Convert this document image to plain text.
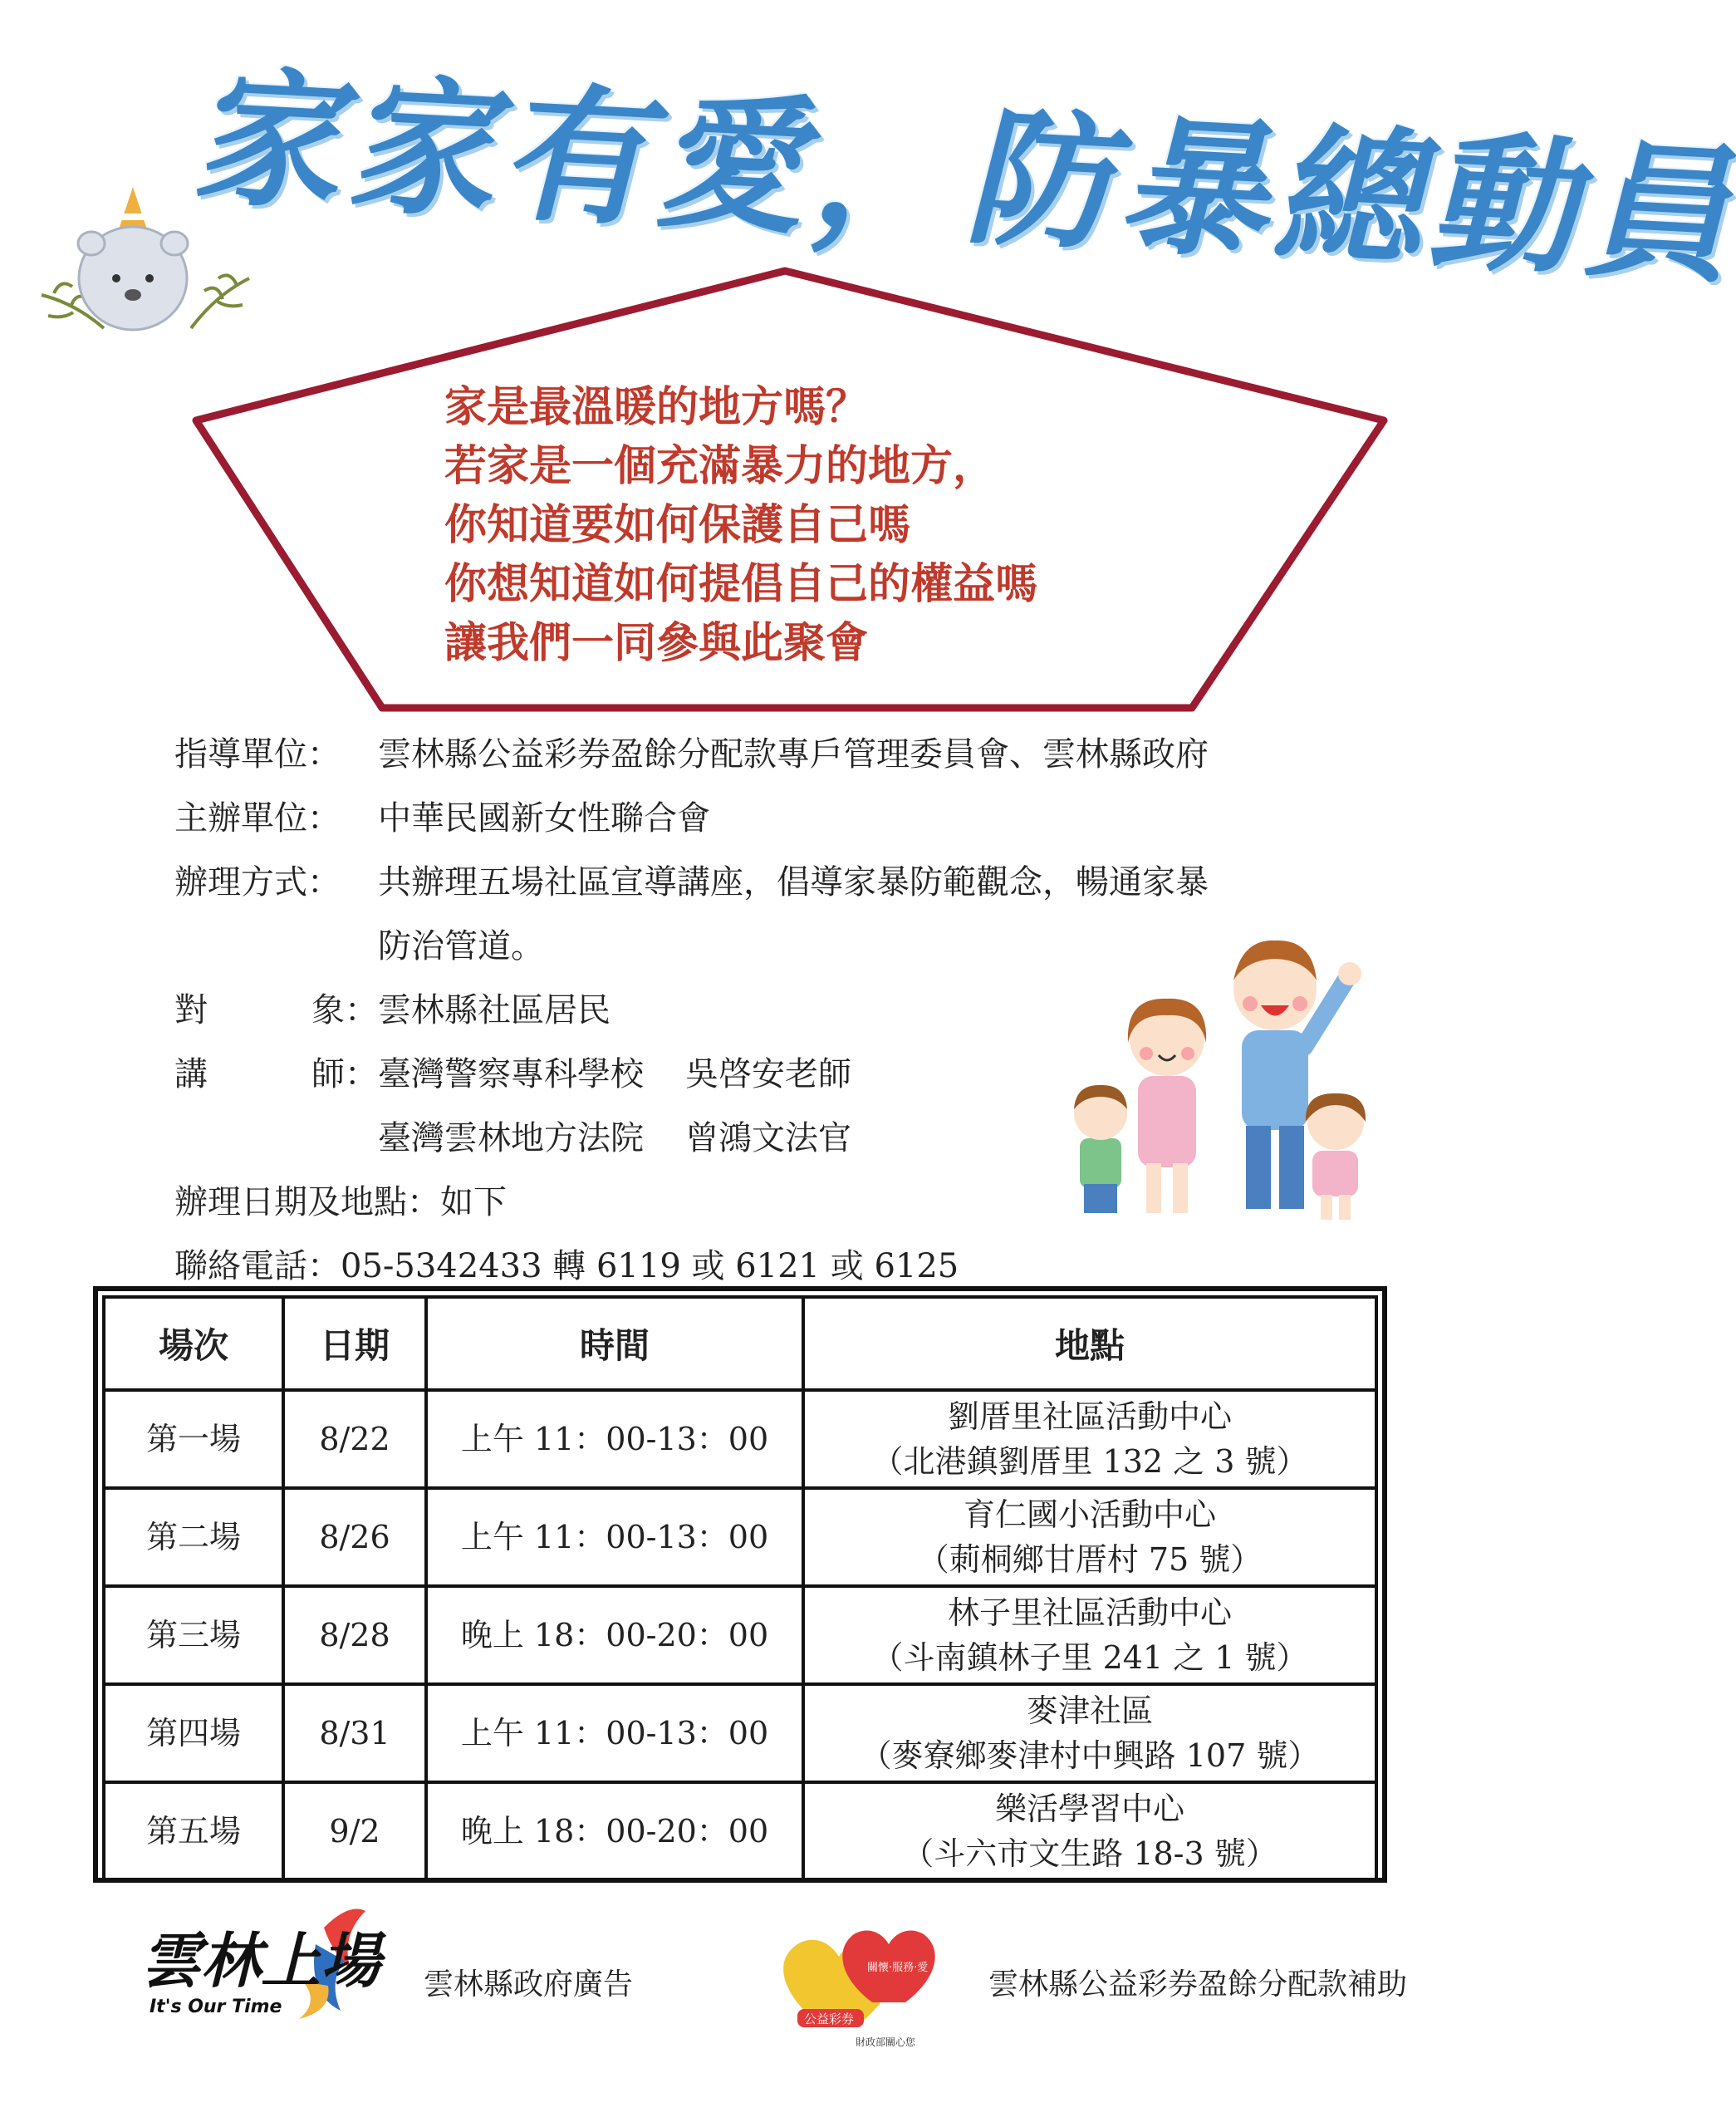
家家有愛，防暴總動員
家是最溫暖的地方嗎？
若家是一個充滿暴力的地方，
你知道要如何保護自己嗎
你想知道如何提倡自己的權益嗎
讓我們一同參與此聚會
指導單位：	雲林縣公益彩券盈餘分配款專戶管理委員會、雲林縣政府
主辦單位：	中華民國新女性聯合會
辦理方式：	共辦理五場社區宣導講座，倡導家暴防範觀念，暢通家暴
防治管道。
對	象 ： 雲林縣社區居民
講	師 ： 臺灣警察專科學校 吳啓安老師
臺灣雲林地方法院 曾鴻文法官
辦理日期及地點：如下
聯絡電話：05-5342433 轉 6119 或 6121 或 6125
場次	日期	時間	地點
第一場	8/22	上午 11：00-13：00	劉厝里社區活動中心
（北港鎮劉厝里 132 之 3 號）

第二場	8/26	上午 11：00-13：00	育仁國小活動中心
（莿桐鄉甘厝村 75 號）

第三場	8/28	晚上 18：00-20：00	林子里社區活動中心
（斗南鎮林子里 241 之 1 號）

第四場	8/31	上午 11：00-13：00	麥津社區
（麥寮鄉麥津村中興路 107 號）

第五場	9/2	晚上 18：00-20：00	樂活學習中心
（斗六市文生路 18-3 號）
雲林上場
It's Our Time
雲林縣政府廣告	關懷·服務·愛
公益彩券
財政部關心您
雲林縣公益彩券盈餘分配款補助
